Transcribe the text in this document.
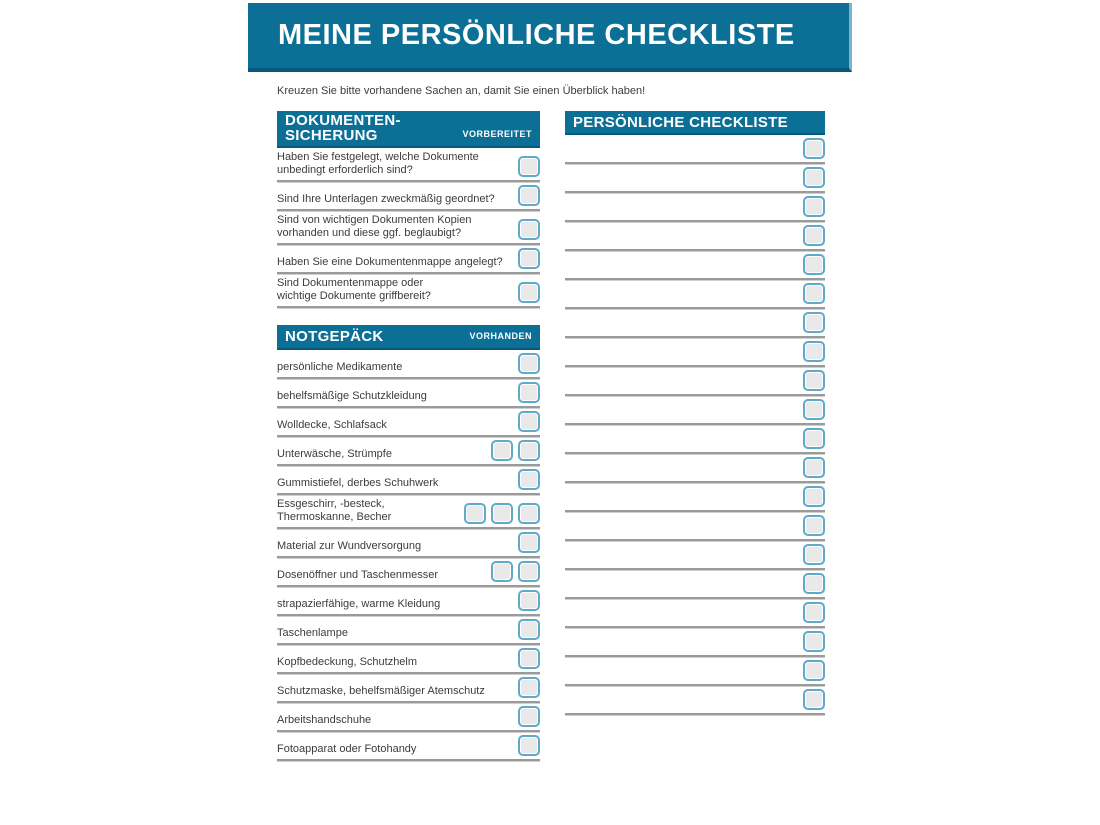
MEINE PERSÖNLICHE CHECKLISTE
Kreuzen Sie bitte vorhandene Sachen an, damit Sie einen Überblick haben!
DOKUMENTEN-
SICHERUNG	VORBEREITET
Haben Sie festgelegt, welche Dokumente
unbedingt erforderlich sind?
Sind Ihre Unterlagen zweckmäßig geordnet?
Sind von wichtigen Dokumenten Kopien
vorhanden und diese ggf. beglaubigt?
Haben Sie eine Dokumentenmappe angelegt?
Sind Dokumentenmappe oder
wichtige Dokumente griffbereit?
NOTGEPÄCK	VORHANDEN
persönliche Medikamente
behelfsmäßige Schutzkleidung
Wolldecke, Schlafsack
Unterwäsche, Strümpfe
Gummistiefel, derbes Schuhwerk
Essgeschirr, -besteck,
Thermoskanne, Becher
Material zur Wundversorgung
Dosenöffner und Taschenmesser
strapazierfähige, warme Kleidung
Taschenlampe
Kopfbedeckung, Schutzhelm
Schutzmaske, behelfsmäßiger Atemschutz
Arbeitshandschuhe
Fotoapparat oder Fotohandy
PERSÖNLICHE CHECKLISTE
